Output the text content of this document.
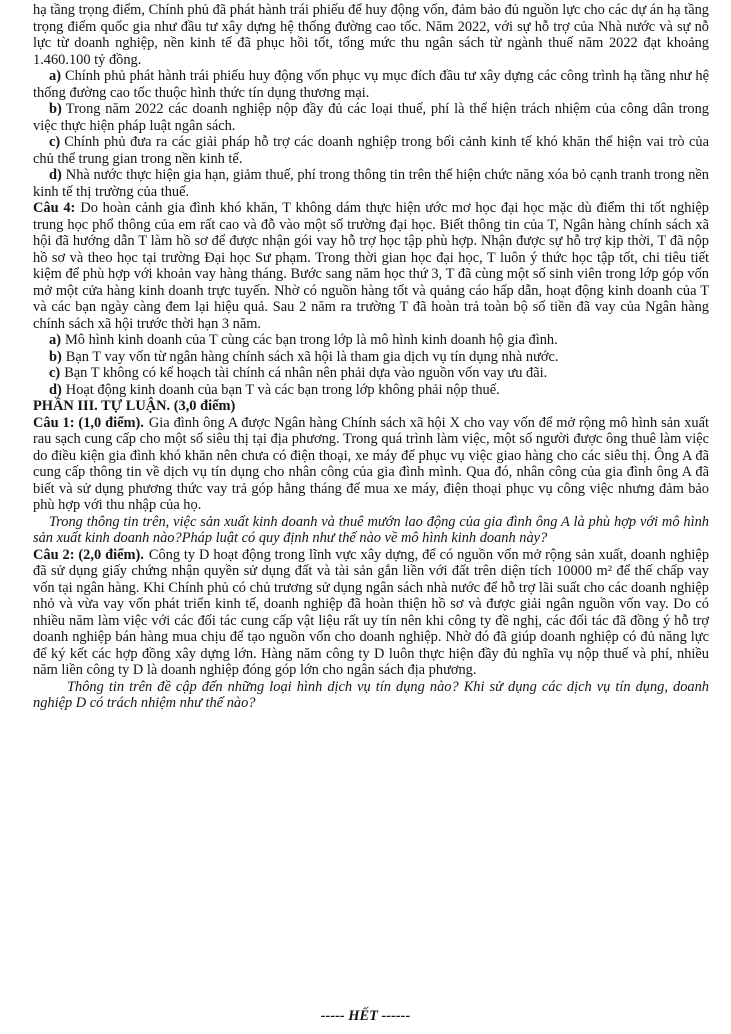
hạ tầng trọng điểm, Chính phủ đã phát hành trái phiếu để huy động vốn, đảm bảo đủ nguồn lực cho các dự án hạ tầng trọng điểm quốc gia như đầu tư xây dựng hệ thống đường cao tốc. Năm 2022, với sự hỗ trợ của Nhà nước và sự nỗ lực từ doanh nghiệp, nền kinh tế đã phục hồi tốt, tổng mức thu ngân sách từ ngành thuế năm 2022 đạt khoảng 1.460.100 tỷ đồng.

a) Chính phủ phát hành trái phiếu huy động vốn phục vụ mục đích đầu tư xây dựng các công trình hạ tầng như hệ thống đường cao tốc thuộc hình thức tín dụng thương mại.

b) Trong năm 2022 các doanh nghiệp nộp đầy đủ các loại thuế, phí là thể hiện trách nhiệm của công dân trong việc thực hiện pháp luật ngân sách.

c) Chính phủ đưa ra các giải pháp hỗ trợ các doanh nghiệp trong bối cảnh kinh tế khó khăn thể hiện vai trò của chủ thể trung gian trong nền kinh tế.

d) Nhà nước thực hiện gia hạn, giảm thuế, phí trong thông tin trên thể hiện chức năng xóa bỏ cạnh tranh trong nền kinh tế thị trường của thuế.

Câu 4: Do hoàn cảnh gia đình khó khăn, T không dám thực hiện ước mơ học đại học mặc dù điểm thi tốt nghiệp trung học phổ thông của em rất cao và đỗ vào một số trường đại học. Biết thông tin của T, Ngân hàng chính sách xã hội đã hướng dẫn T làm hồ sơ để được nhận gói vay hỗ trợ học tập phù hợp. Nhận được sự hỗ trợ kịp thời, T đã nộp hồ sơ và theo học tại trường Đại học Sư phạm. Trong thời gian học đại học, T luôn ý thức học tập tốt, chi tiêu tiết kiệm để phù hợp với khoản vay hàng tháng. Bước sang năm học thứ 3, T đã cùng một số sinh viên trong lớp góp vốn mở một cửa hàng kinh doanh trực tuyến. Nhờ có nguồn hàng tốt và quảng cáo hấp dẫn, hoạt động kinh doanh của T và các bạn ngày càng đem lại hiệu quả. Sau 2 năm ra trường T đã hoàn trả toàn bộ số tiền đã vay của Ngân hàng chính sách xã hội trước thời hạn 3 năm.

a) Mô hình kinh doanh của T cùng các bạn trong lớp là mô hình kinh doanh hộ gia đình.

b) Bạn T vay vốn từ ngân hàng chính sách xã hội là tham gia dịch vụ tín dụng nhà nước.

c) Bạn T không có kế hoạch tài chính cá nhân nên phải dựa vào nguồn vốn vay ưu đãi.

d) Hoạt động kinh doanh của bạn T và các bạn trong lớp không phải nộp thuế.

PHẦN III. TỰ LUẬN. (3,0 điểm)

Câu 1: (1,0 điểm). Gia đình ông A được Ngân hàng Chính sách xã hội X cho vay vốn để mở rộng mô hình sản xuất rau sạch cung cấp cho một số siêu thị tại địa phương. Trong quá trình làm việc, một số người được ông thuê làm việc do điều kiện gia đình khó khăn nên chưa có điện thoại, xe máy để phục vụ việc giao hàng cho các siêu thị. Ông A đã cung cấp thông tin về dịch vụ tín dụng cho nhân công của gia đình mình. Qua đó, nhân công của gia đình ông A đã biết và sử dụng phương thức vay trả góp hằng tháng để mua xe máy, điện thoại phục vụ công việc nhưng đảm bảo phù hợp với thu nhập của họ.

Trong thông tin trên, việc sản xuất kinh doanh và thuê mướn lao động của gia đình ông A là phù hợp với mô hình sản xuất kinh doanh nào?Pháp luật có quy định như thế nào về mô hình kinh doanh này?

Câu 2: (2,0 điểm). Công ty D hoạt động trong lĩnh vực xây dựng, để có nguồn vốn mở rộng sản xuất, doanh nghiệp đã sử dụng giấy chứng nhận quyền sử dụng đất và tài sản gắn liền với đất trên diện tích 10000 m² để thế chấp vay vốn tại ngân hàng. Khi Chính phủ có chủ trương sử dụng ngân sách nhà nước để hỗ trợ lãi suất cho các doanh nghiệp nhỏ và vừa vay vốn phát triển kinh tế, doanh nghiệp đã hoàn thiện hồ sơ và được giải ngân nguồn vốn vay. Do có nhiều năm làm việc với các đối tác cung cấp vật liệu rất uy tín nên khi công ty đề nghị, các đối tác đã đồng ý hỗ trợ doanh nghiệp bán hàng mua chịu để tạo nguồn vốn cho doanh nghiệp. Nhờ đó đã giúp doanh nghiệp có đủ năng lực để ký kết các hợp đồng xây dựng lớn. Hàng năm công ty D luôn thực hiện đầy đủ nghĩa vụ nộp thuế và phí, nhiều năm liền công ty D là doanh nghiệp đóng góp lớn cho ngân sách địa phương.

Thông tin trên đề cập đến những loại hình dịch vụ tín dụng nào? Khi sử dụng các dịch vụ tín dụng, doanh nghiệp D có trách nhiệm như thế nào?

----- HẾT ------
